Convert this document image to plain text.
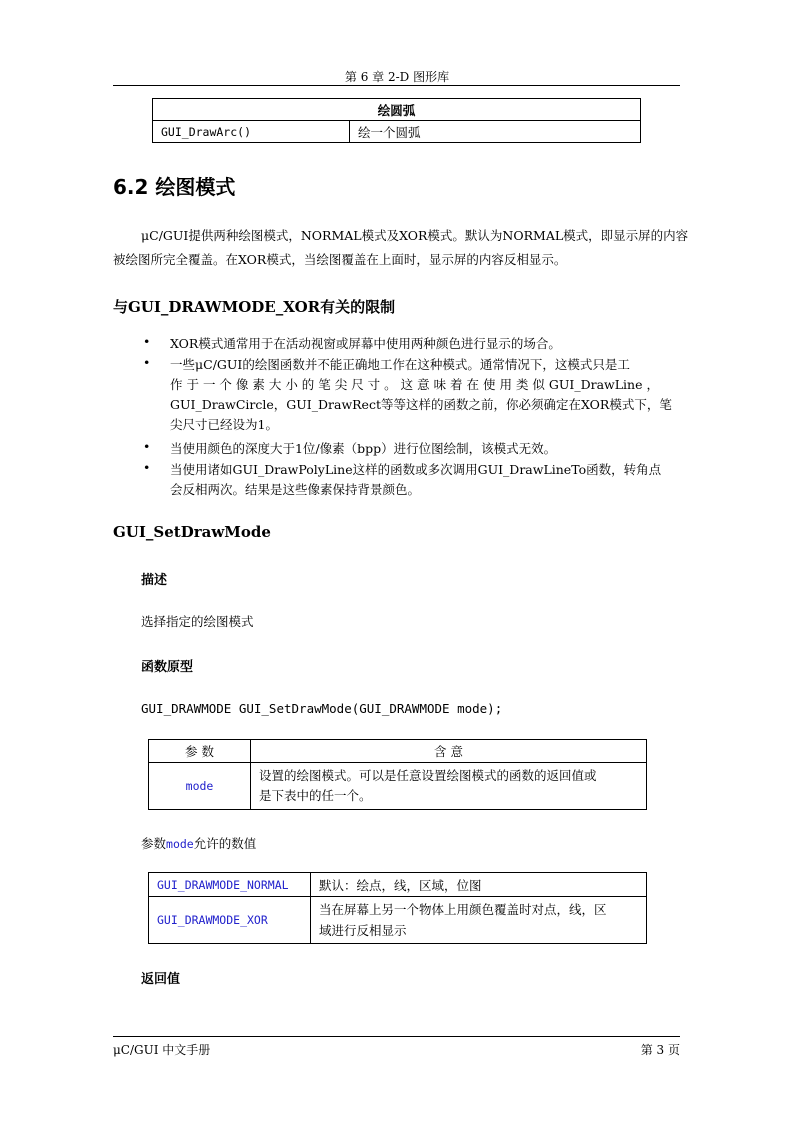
第 6 章 2-D 图形库
绘圆弧
GUI_DrawArc()	绘一个圆弧
6.2 绘图模式
μC/GUI提供两种绘图模式，NORMAL模式及XOR模式。默认为NORMAL模式，即显示屏的内容
被绘图所完全覆盖。在XOR模式，当绘图覆盖在上面时，显示屏的内容反相显示。
与GUI_DRAWMODE_XOR有关的限制
• XOR模式通常用于在活动视窗或屏幕中使用两种颜色进行显示的场合。
• 一些μC/GUI的绘图函数并不能正确地工作在这种模式。通常情况下，这模式只是工
作 于 一 个 像 素 大 小 的 笔 尖 尺 寸 。 这 意 味 着 在 使 用 类 似 GUI_DrawLine ，
GUI_DrawCircle，GUI_DrawRect等等这样的函数之前，你必须确定在XOR模式下，笔
尖尺寸已经设为1。
• 当使用颜色的深度大于1位/像素（bpp）进行位图绘制，该模式无效。
• 当使用诸如GUI_DrawPolyLine这样的函数或多次调用GUI_DrawLineTo函数，转角点
会反相两次。结果是这些像素保持背景颜色。
GUI_SetDrawMode
描述
选择指定的绘图模式
函数原型
GUI_DRAWMODE GUI_SetDrawMode(GUI_DRAWMODE mode);
参 数	含 意
mode	设置的绘图模式。可以是任意设置绘图模式的函数的返回值或
是下表中的任一个。
参数mode允许的数值
GUI_DRAWMODE_NORMAL	默认：绘点，线，区域，位图
GUI_DRAWMODE_XOR	当在屏幕上另一个物体上用颜色覆盖时对点，线，区
域进行反相显示
返回值
μC/GUI 中文手册	第 3 页
